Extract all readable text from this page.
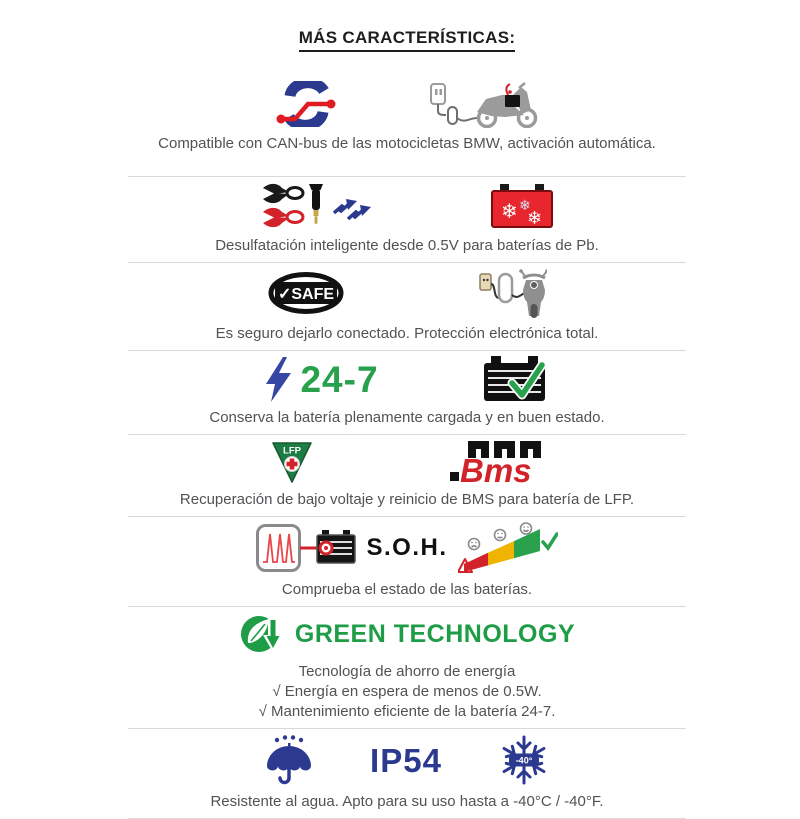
MÁS CARACTERÍSTICAS:

Compatible con CAN-bus de las motocicletas BMW, activación automática.

❄ ❄
❄

Desulfatación inteligente desde 0.5V para baterías de Pb.

✓SAFE

Es seguro dejarlo conectado. Protección electrónica total.

24-7

Conserva la batería plenamente cargada y en buen estado.

LFP
Bms

Recuperación de bajo voltaje y reinicio de BMS para batería de LFP.

S.O.H.

Comprueba el estado de las baterías.

GREEN TECHNOLOGY

Tecnología de ahorro de energía

√ Energía en espera de menos de 0.5W.

√ Mantenimiento eficiente de la batería 24-7.

IP54	-40°

Resistente al agua. Apto para su uso hasta a -40°C / -40°F.
